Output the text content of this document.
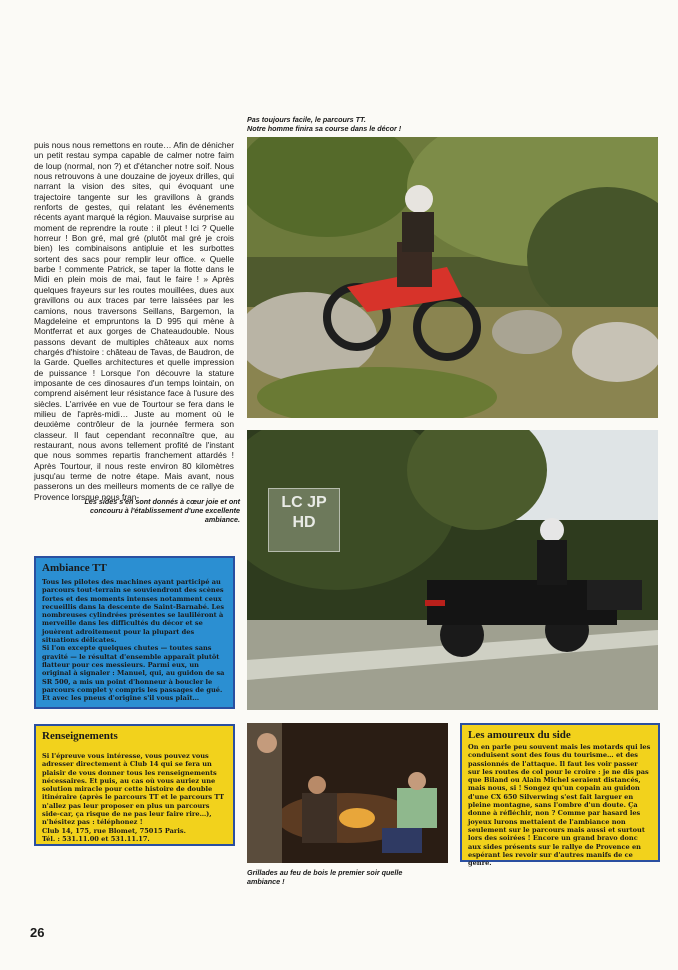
Pas toujours facile, le parcours TT.
Notre homme finira sa course dans le décor !
puis nous nous remettons en route… Afin de dénicher un petit restau sympa capable de calmer notre faim de loup (normal, non ?) et d'étancher notre soif. Nous nous retrouvons à une douzaine de joyeux drilles, qui narrant la vision des sites, qui évoquant une trajectoire tangente sur les gravillons à grands renforts de gestes, qui relatant les événements récents ayant marqué la région. Mauvaise surprise au moment de reprendre la route : il pleut ! Ici ? Quelle horreur ! Bon gré, mal gré (plutôt mal gré je crois bien) les combinaisons antipluie et les surbottes sortent des sacs pour remplir leur office. « Quelle barbe ! commente Patrick, se taper la flotte dans le Midi en plein mois de mai, faut le faire ! » Après quelques frayeurs sur les routes mouillées, dues aux gravillons ou aux traces par terre laissées par les camions, nous traversons Seillans, Bargemon, la Magdeleine et empruntons la D 995 qui mène à Montferrat et aux gorges de Chateaudouble. Nous passons devant de multiples châteaux aux noms chargés d'histoire : château de Tavas, de Baudron, de la Garde. Quelles architectures et quelle impression de puissance ! Lorsque l'on découvre la stature imposante de ces dinosaures d'un temps lointain, on comprend aisément leur résistance face à l'usure des siècles. L'arrivée en vue de Tourtour se fera dans le milieu de l'après-midi… Juste au moment où le deuxième contrôleur de la journée fermera son classeur. Il faut cependant reconnaître que, au restaurant, nous avons tellement profité de l'instant que nous sommes repartis franchement attardés ! Après Tourtour, il nous reste environ 80 kilomètres jusqu'au terme de notre étape. Mais avant, nous passerons un des meilleurs moments de ce rallye de Provence lorsque nous fran-	LC JP HD
Les sides s'en sont donnés à cœur joie et ont concouru à l'établissement d'une excellente ambiance.
Ambiance TT

Tous les pilotes des machines ayant participé au parcours tout-terrain se souviendront des scènes fortes et des moments intenses notamment ceux recueillis dans la descente de Saint-Barnabé. Les nombreuses cylindrées présentes se lauliléront à merveille dans les difficultés du décor et se jouèrent adroitement pour la plupart des situations délicates.

Si l'on excepte quelques chutes — toutes sans gravité — le résultat d'ensemble apparaît plutôt flatteur pour ces messieurs. Parmi eux, un original à signaler : Manuel, qui, au guidon de sa SR 500, a mis un point d'honneur à boucler le parcours complet y compris les passages de gué. Et avec les pneus d'origine s'il vous plaît…

Renseignements

Si l'épreuve vous intéresse, vous pouvez vous adresser directement à Club 14 qui se fera un plaisir de vous donner tous les renseignements nécessaires. Et puis, au cas où vous auriez une solution miracle pour cette histoire de double itinéraire (après le parcours TT et le parcours TT n'allez pas leur proposer en plus un parcours side-car, ça risque de ne pas leur faire rire…), n'hésitez pas : téléphonez !

Club 14, 175, rue Blomet, 75015 Paris.

Tél. : 531.11.00 et 531.11.17.

Grillades au feu de bois le premier soir quelle ambiance !
Les amoureux du side

On en parle peu souvent mais les motards qui les conduisent sont des fous du tourisme… et des passionnés de l'attaque. Il faut les voir passer sur les routes de col pour le croire : je ne dis pas que Biland ou Alain Michel seraient distancés, mais nous, si ! Songez qu'un copain au guidon d'une CX 650 Silverwing s'est fait larguer en pleine montagne, sans l'ombre d'un doute. Ça donne à réfléchir, non ? Comme par hasard les joyeux lurons mettaient de l'ambiance non seulement sur le parcours mais aussi et surtout lors des soirées ! Encore un grand bravo donc aux sides présents sur le rallye de Provence en espérant les revoir sur d'autres manifs de ce genre.

26
